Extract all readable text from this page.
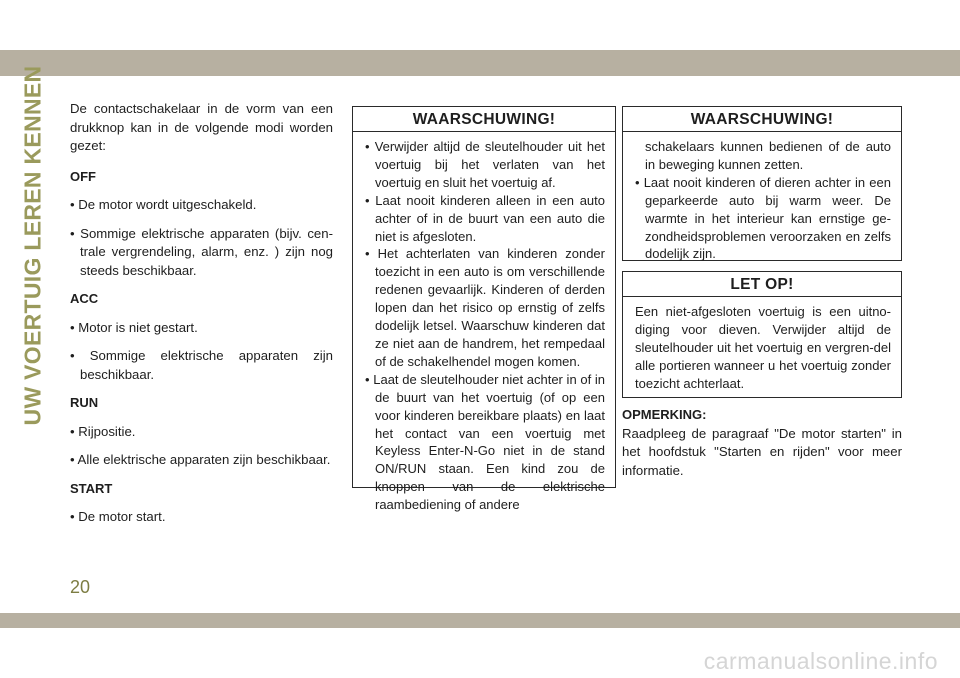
UW VOERTUIG LEREN KENNEN De contactschakelaar in de vorm van een drukknop kan in de volgende modi worden gezet:

OFF

• De motor wordt uitgeschakeld.

• Sommige elektrische apparaten (bijv. cen-trale vergrendeling, alarm, enz. ) zijn nog steeds beschikbaar.

ACC

• Motor is niet gestart.

• Sommige elektrische apparaten zijn beschikbaar.

RUN

• Rijpositie.

• Alle elektrische apparaten zijn beschikbaar.

START

• De motor start.

WAARSCHUWING!

• Verwijder altijd de sleutelhouder uit het voertuig bij het verlaten van het voertuig en sluit het voertuig af.

• Laat nooit kinderen alleen in een auto achter of in de buurt van een auto die niet is afgesloten.

• Het achterlaten van kinderen zonder toezicht in een auto is om verschillende redenen gevaarlijk. Kinderen of derden lopen dan het risico op ernstig of zelfs dodelijk letsel. Waarschuw kinderen dat ze niet aan de handrem, het rempedaal of de schakelhendel mogen komen.

• Laat de sleutelhouder niet achter in of in de buurt van het voertuig (of op een voor kinderen bereikbare plaats) en laat het contact van een voertuig met Keyless Enter-N-Go niet in de stand ON/RUN staan. Een kind zou de knoppen van de elektrische raambediening of andere

WAARSCHUWING!

schakelaars kunnen bedienen of de auto in beweging kunnen zetten.

• Laat nooit kinderen of dieren achter in een geparkeerde auto bij warm weer. De warmte in het interieur kan ernstige ge-zondheidsproblemen veroorzaken en zelfs dodelijk zijn.

LET OP!

Een niet-afgesloten voertuig is een uitno-diging voor dieven. Verwijder altijd de sleutelhouder uit het voertuig en vergren-del alle portieren wanneer u het voertuig zonder toezicht achterlaat.

OPMERKING:

Raadpleeg de paragraaf "De motor starten" in het hoofdstuk "Starten en rijden" voor meer informatie.

20
carmanualsonline.info
